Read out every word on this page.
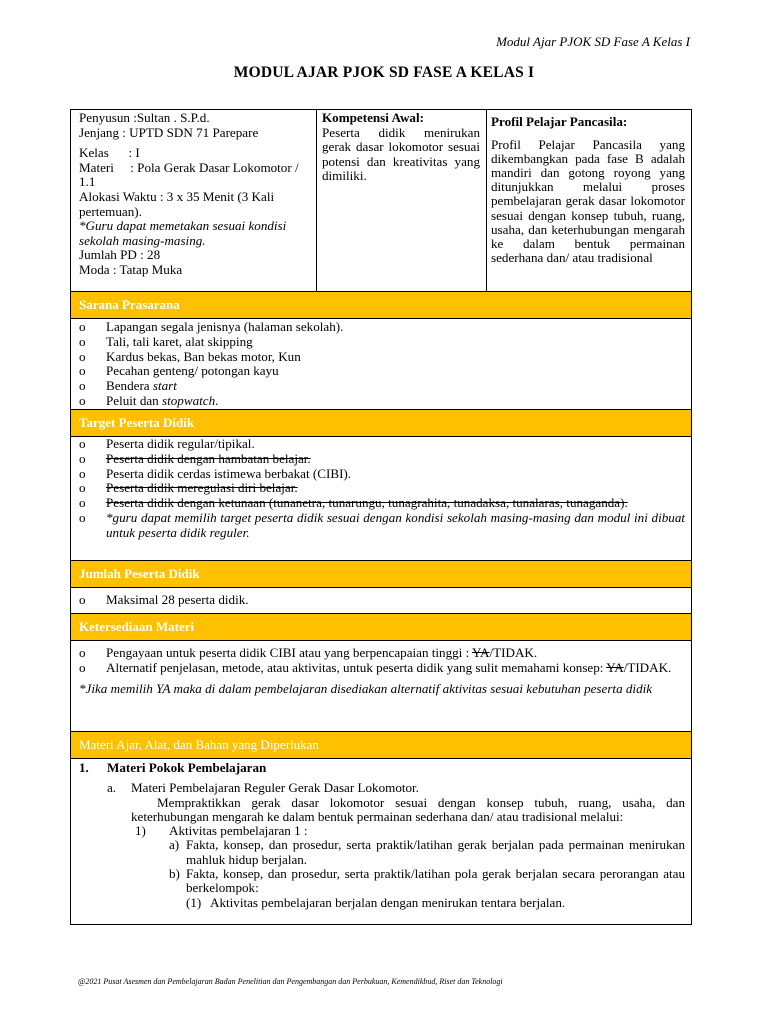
Modul Ajar PJOK SD Fase A Kelas I
MODUL AJAR PJOK SD FASE A KELAS I
Penyusun :Sultan . S.P.d.
Jenjang : UPTD SDN 71 Parepare
Kelas      : I
Materi     : Pola Gerak Dasar Lokomotor / 1.1
Alokasi Waktu : 3 x 35 Menit (3 Kali pertemuan).
*Guru dapat memetakan sesuai kondisi sekolah masing-masing.
Jumlah PD : 28
Moda : Tatap Muka
Kompetensi Awal:
Peserta didik menirukan gerak dasar lokomotor sesuai potensi dan kreativitas yang dimiliki.
Profil Pelajar Pancasila:
Profil Pelajar Pancasila yang dikembangkan pada fase B adalah mandiri dan gotong royong yang ditunjukkan melalui proses pembelajaran gerak dasar lokomotor sesuai dengan konsep tubuh, ruang, usaha, dan keterhubungan mengarah ke dalam bentuk permainan sederhana dan/ atau tradisional
Sarana Prasarana
o	Lapangan segala jenisnya (halaman sekolah).
o	Tali, tali karet, alat skipping
o	Kardus bekas, Ban bekas motor, Kun
o	Pecahan genteng/ potongan kayu
o	Bendera start
o	Peluit dan stopwatch.
Target Peserta Didik
o	Peserta didik regular/tipikal.
o	Peserta didik dengan hambatan belajar.
o	Peserta didik cerdas istimewa berbakat (CIBI).
o	Peserta didik meregulasi diri belajar.
o	Peserta didik dengan ketunaan (tunanetra, tunarungu, tunagrahita, tunadaksa, tunalaras, tunaganda).
o	*guru dapat memilih target peserta didik sesuai dengan kondisi sekolah masing-masing dan modul ini dibuat untuk peserta didik reguler.
Jumlah Peserta Didik
o	Maksimal 28 peserta didik.
Ketersediaan Materi
o	Pengayaan untuk peserta didik CIBI atau yang berpencapaian tinggi : YA/TIDAK.
o	Alternatif penjelasan, metode, atau aktivitas, untuk peserta didik yang sulit memahami konsep: YA/TIDAK.
*Jika memilih YA maka di dalam pembelajaran disediakan alternatif aktivitas sesuai kebutuhan peserta didik
Materi Ajar, Alat, dan Bahan yang Diperlukan
1.	Materi Pokok Pembelajaran
a.	Materi Pembelajaran Reguler Gerak Dasar Lokomotor.
Mempraktikkan gerak dasar lokomotor sesuai dengan konsep tubuh, ruang, usaha, dan keterhubungan mengarah ke dalam bentuk permainan sederhana dan/ atau tradisional melalui:
1)	Aktivitas pembelajaran 1 :
a) Fakta, konsep, dan prosedur, serta praktik/latihan gerak berjalan pada permainan menirukan mahluk hidup berjalan.
b) Fakta, konsep, dan prosedur, serta praktik/latihan pola gerak berjalan secara perorangan atau berkelompok:
(1) Aktivitas pembelajaran berjalan dengan menirukan tentara berjalan.
@2021 Pusat Asesmen dan Pembelajaran Badan Penelitian dan Pengembangan dan Perbukuan, Kemendikbud, Riset dan Teknologi
